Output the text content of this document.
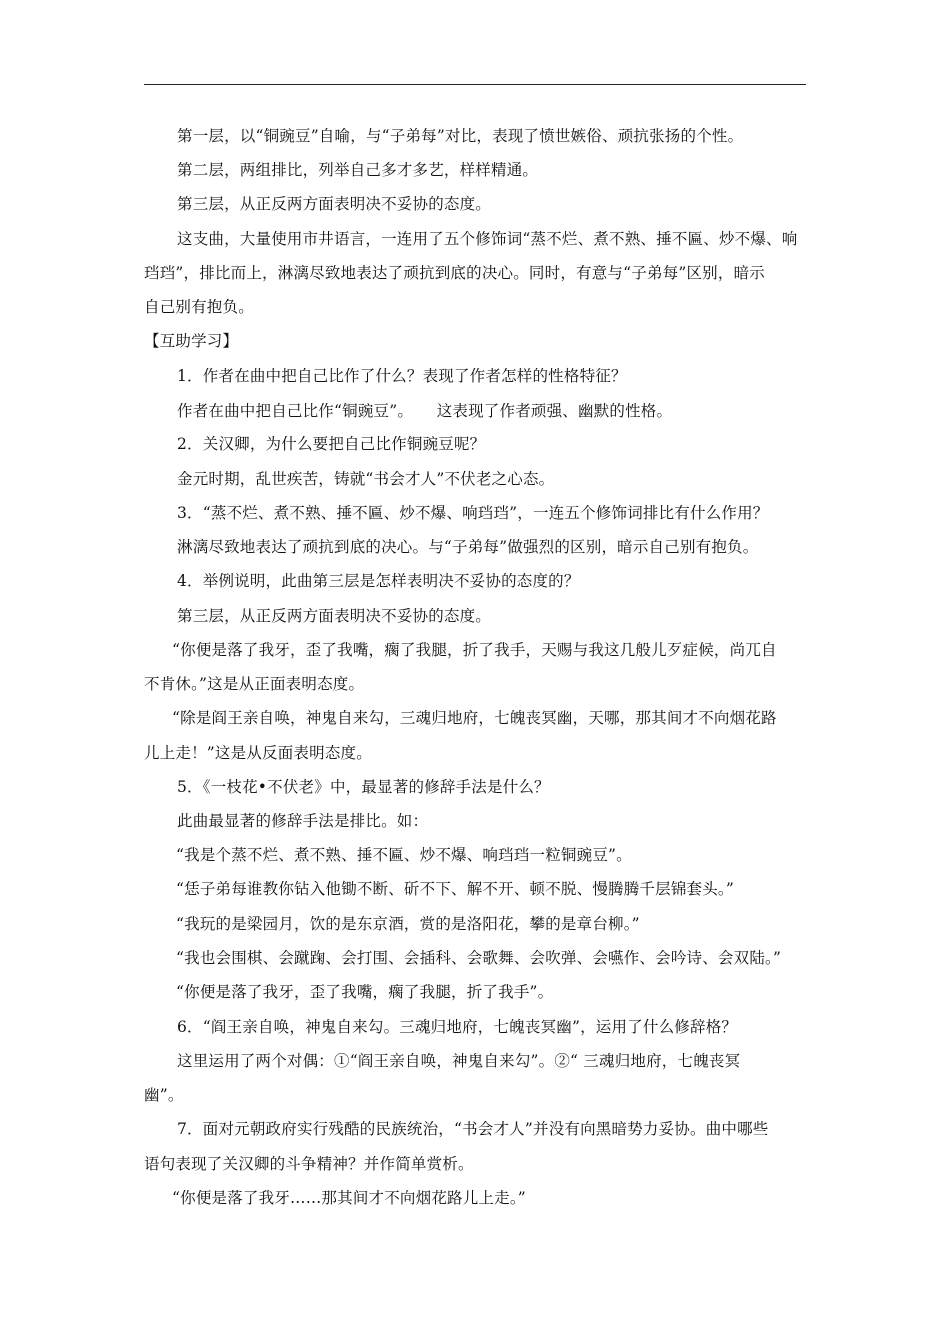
第一层，以“铜豌豆”自喻，与“子弟每”对比，表现了愤世嫉俗、顽抗张扬的个性。
第二层，两组排比，列举自己多才多艺，样样精通。
第三层，从正反两方面表明决不妥协的态度。
这支曲，大量使用市井语言，一连用了五个修饰词“蒸不烂、煮不熟、捶不匾、炒不爆、响
珰珰”，排比而上，淋漓尽致地表达了顽抗到底的决心。同时，有意与“子弟每”区别，暗示
自己别有抱负。
【互助学习】
1．作者在曲中把自己比作了什么？表现了作者怎样的性格特征？
作者在曲中把自己比作“铜豌豆”。　　这表现了作者顽强、幽默的性格。
2．关汉卿，为什么要把自己比作铜豌豆呢？
金元时期，乱世疾苦，铸就“书会才人”不伏老之心态。
3．“蒸不烂、煮不熟、捶不匾、炒不爆、响珰珰”，一连五个修饰词排比有什么作用？
淋漓尽致地表达了顽抗到底的决心。与“子弟每”做强烈的区别，暗示自己别有抱负。
4．举例说明，此曲第三层是怎样表明决不妥协的态度的？
第三层，从正反两方面表明决不妥协的态度。
“你便是落了我牙，歪了我嘴，瘸了我腿，折了我手，天赐与我这几般儿歹症候，尚兀自
不肯休。”这是从正面表明态度。
“除是阎王亲自唤，神鬼自来勾，三魂归地府，七魄丧冥幽，天哪，那其间才不向烟花路
儿上走！”这是从反面表明态度。
5．《一枝花•不伏老》中，最显著的修辞手法是什么？
此曲最显著的修辞手法是排比。如：
“我是个蒸不烂、煮不熟、捶不匾、炒不爆、响珰珰一粒铜豌豆”。
“恁子弟每谁教你钻入他锄不断、斫不下、解不开、顿不脱、慢腾腾千层锦套头。”
“我玩的是梁园月，饮的是东京酒，赏的是洛阳花，攀的是章台柳。”
“我也会围棋、会蹴踘、会打围、会插科、会歌舞、会吹弹、会嚥作、会吟诗、会双陆。”
“你便是落了我牙，歪了我嘴，瘸了我腿，折了我手”。
6．“阎王亲自唤，神鬼自来勾。三魂归地府，七魄丧冥幽”，运用了什么修辞格？
这里运用了两个对偶：①“阎王亲自唤，神鬼自来勾”。②“ 三魂归地府，七魄丧冥
幽”。
7．面对元朝政府实行残酷的民族统治，“书会才人”并没有向黑暗势力妥协。曲中哪些
语句表现了关汉卿的斗争精神？并作简单赏析。
“你便是落了我牙……那其间才不向烟花路儿上走。”
